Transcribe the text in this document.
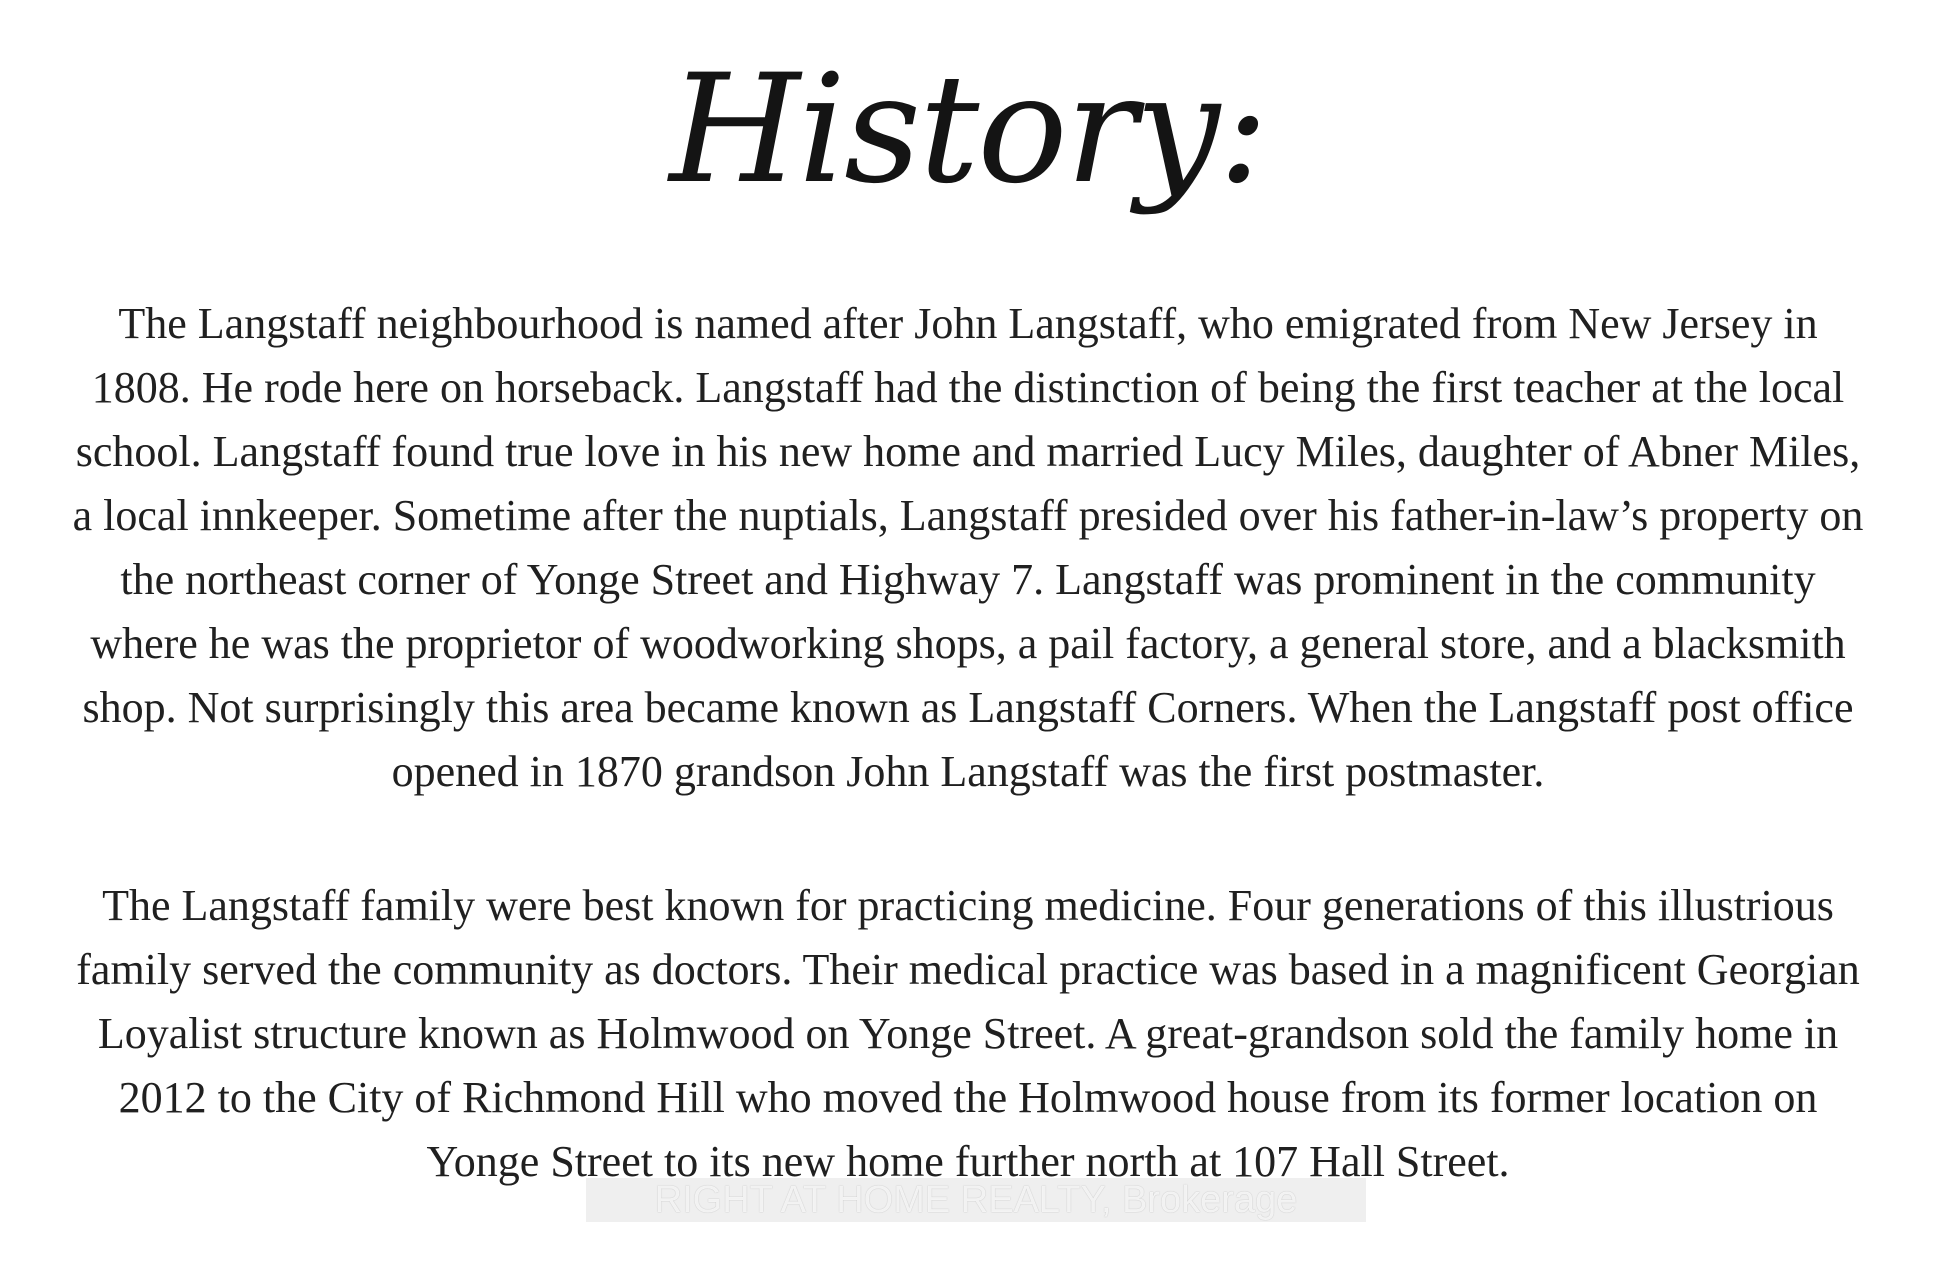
History:
The Langstaff neighbourhood is named after John Langstaff, who emigrated from New Jersey in
1808. He rode here on horseback. Langstaff had the distinction of being the first teacher at the local
school. Langstaff found true love in his new home and married Lucy Miles, daughter of Abner Miles,
a local innkeeper. Sometime after the nuptials, Langstaff presided over his father-in-law’s property on
the northeast corner of Yonge Street and Highway 7. Langstaff was prominent in the community
where he was the proprietor of woodworking shops, a pail factory, a general store, and a blacksmith
shop. Not surprisingly this area became known as Langstaff Corners. When the Langstaff post office
opened in 1870 grandson John Langstaff was the first postmaster.
The Langstaff family were best known for practicing medicine. Four generations of this illustrious
family served the community as doctors. Their medical practice was based in a magnificent Georgian
Loyalist structure known as Holmwood on Yonge Street. A great-grandson sold the family home in
2012 to the City of Richmond Hill who moved the Holmwood house from its former location on
Yonge Street to its new home further north at 107 Hall Street.
RIGHT AT HOME REALTY, Brokerage
